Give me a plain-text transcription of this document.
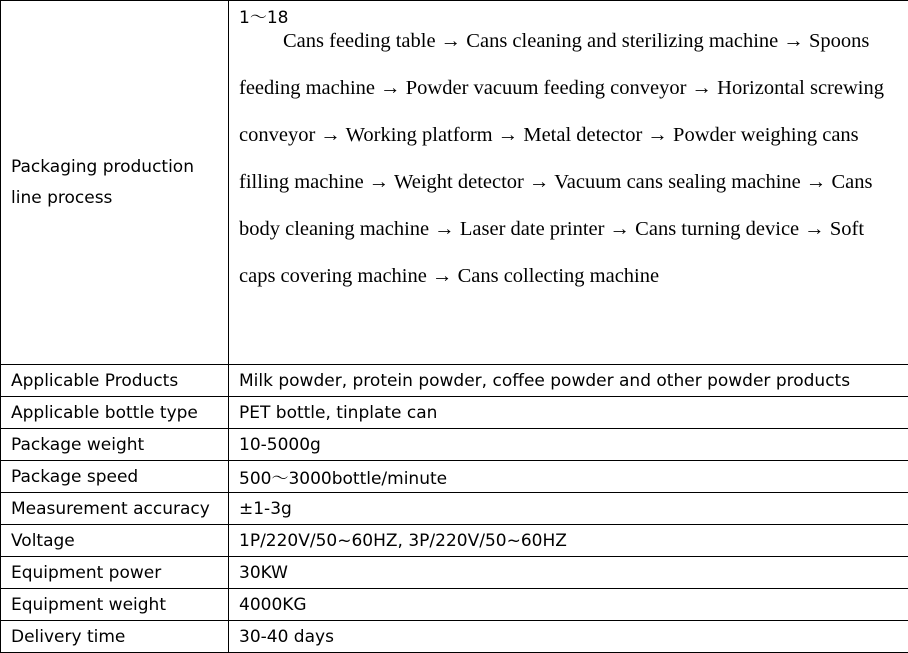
Packaging production line process	1～18
Cans feeding table → Cans cleaning and sterilizing machine → Spoons feeding machine → Powder vacuum feeding conveyor → Horizontal screwing conveyor → Working platform → Metal detector → Powder weighing cans filling machine → Weight detector → Vacuum cans sealing machine → Cans body cleaning machine → Laser date printer → Cans turning device → Soft caps covering machine → Cans collecting machine

Applicable Products	Milk powder, protein powder, coffee powder and other powder products
Applicable bottle type	PET bottle, tinplate can
Package weight	10-5000g
Package speed	500～3000bottle/minute
Measurement accuracy	±1-3g
Voltage	1P/220V/50~60HZ, 3P/220V/50~60HZ
Equipment power	30KW
Equipment weight	4000KG
Delivery time	30-40 days
